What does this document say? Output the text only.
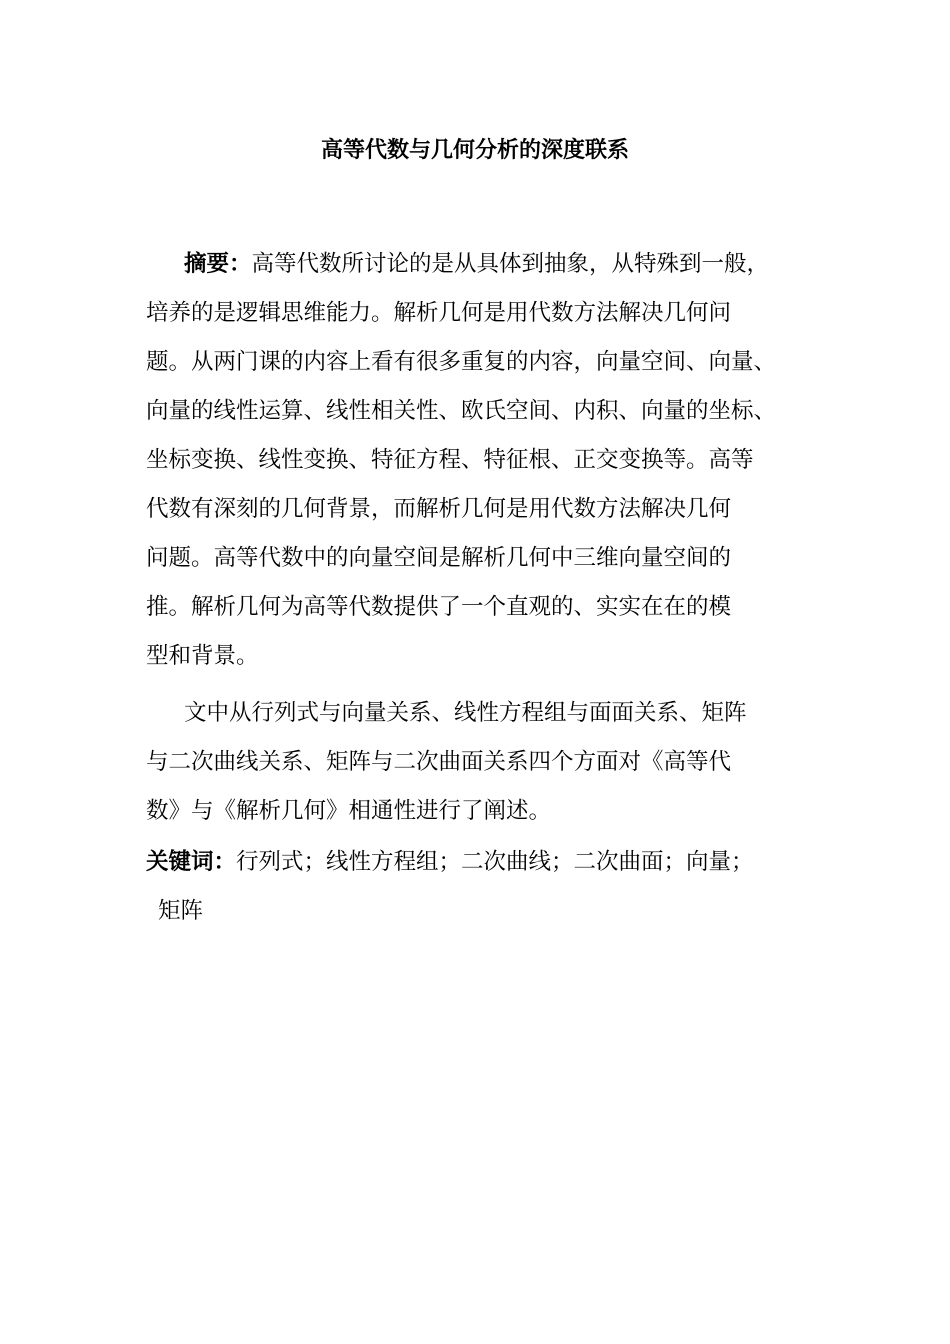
高等代数与几何分析的深度联系
摘要：高等代数所讨论的是从具体到抽象，从特殊到一般，
培养的是逻辑思维能力。解析几何是用代数方法解决几何问
题。从两门课的内容上看有很多重复的内容，向量空间、向量、
向量的线性运算、线性相关性、欧氏空间、内积、向量的坐标、
坐标变换、线性变换、特征方程、特征根、正交变换等。高等
代数有深刻的几何背景，而解析几何是用代数方法解决几何
问题。高等代数中的向量空间是解析几何中三维向量空间的
推。解析几何为高等代数提供了一个直观的、实实在在的模
型和背景。
文中从行列式与向量关系、线性方程组与面面关系、矩阵
与二次曲线关系、矩阵与二次曲面关系四个方面对《高等代
数》与《解析几何》相通性进行了阐述。
关键词：行列式；线性方程组；二次曲线；二次曲面；向量；
矩阵
